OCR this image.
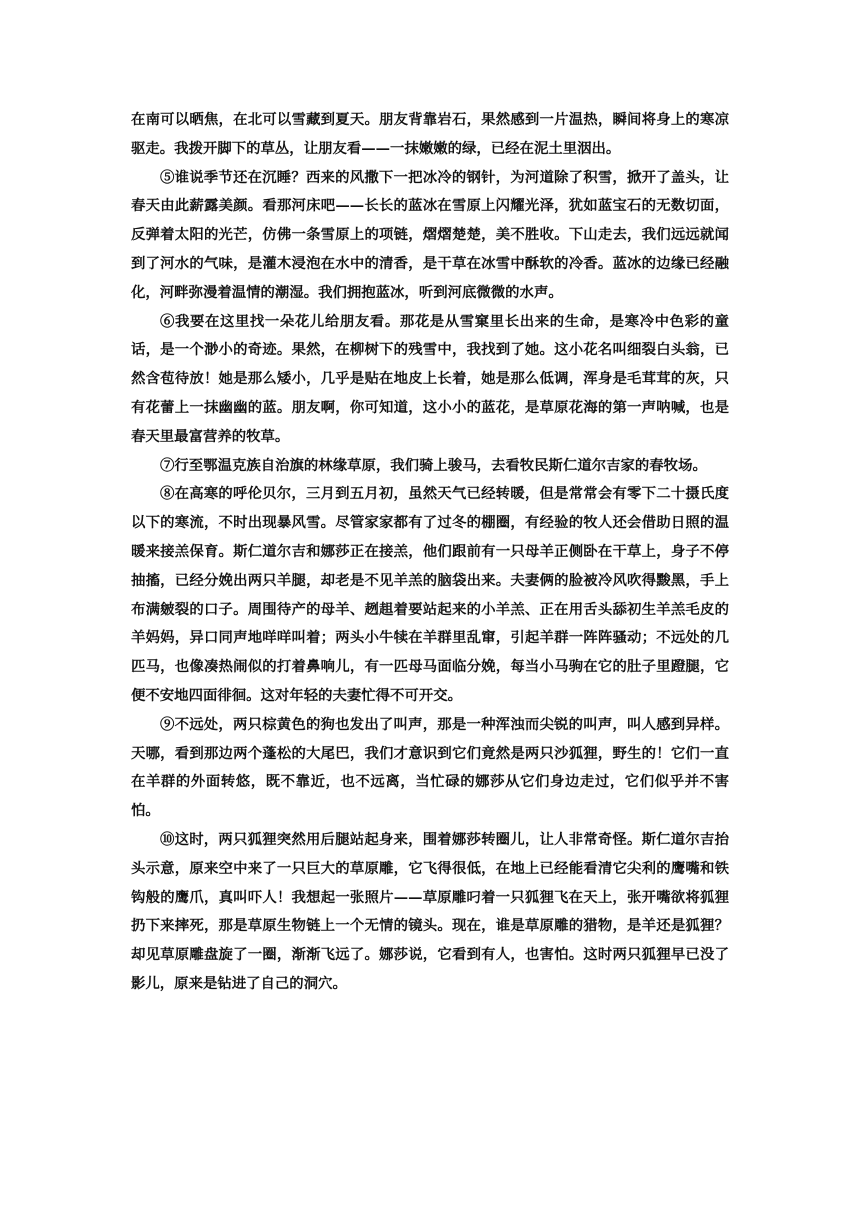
在南可以晒焦，在北可以雪藏到夏天。朋友背靠岩石，果然感到一片温热，瞬间将身上的寒凉驱走。我拨开脚下的草丛，让朋友看——一抹嫩嫩的绿，已经在泥土里洇出。

⑤谁说季节还在沉睡？西来的风撒下一把冰冷的钢针，为河道除了积雪，掀开了盖头，让春天由此薪露美颜。看那河床吧——长长的蓝冰在雪原上闪耀光泽，犹如蓝宝石的无数切面，反弹着太阳的光芒，仿佛一条雪原上的项链，熠熠楚楚，美不胜收。下山走去，我们远远就闻到了河水的气味，是灌木浸泡在水中的清香，是干草在冰雪中酥软的冷香。蓝冰的边缘已经融化，河畔弥漫着温情的潮湿。我们拥抱蓝冰，听到河底微微的水声。

⑥我要在这里找一朵花儿给朋友看。那花是从雪窠里长出来的生命，是寒冷中色彩的童话，是一个渺小的奇迹。果然，在柳树下的残雪中，我找到了她。这小花名叫细裂白头翁，已然含苞待放！她是那么矮小，几乎是贴在地皮上长着，她是那么低调，浑身是毛茸茸的灰，只有花蕾上一抹幽幽的蓝。朋友啊，你可知道，这小小的蓝花，是草原花海的第一声呐喊，也是春天里最富营养的牧草。

⑦行至鄂温克族自治旗的林缘草原，我们骑上骏马，去看牧民斯仁道尔吉家的春牧场。

⑧在高寒的呼伦贝尔，三月到五月初，虽然天气已经转暖，但是常常会有零下二十摄氏度以下的寒流，不时出现暴风雪。尽管家家都有了过冬的棚圈，有经验的牧人还会借助日照的温暖来接羔保育。斯仁道尔吉和娜莎正在接羔，他们跟前有一只母羊正侧卧在干草上，身子不停抽搐，已经分娩出两只羊腿，却老是不见羊羔的脑袋出来。夫妻俩的脸被冷风吹得黢黑，手上布满皴裂的口子。周围待产的母羊、趔趄着要站起来的小羊羔、正在用舌头舔初生羊羔毛皮的羊妈妈，异口同声地咩咩叫着；两头小牛犊在羊群里乱窜，引起羊群一阵阵骚动；不远处的几匹马，也像凑热闹似的打着鼻响儿，有一匹母马面临分娩，每当小马驹在它的肚子里蹬腿，它便不安地四面徘徊。这对年轻的夫妻忙得不可开交。

⑨不远处，两只棕黄色的狗也发出了叫声，那是一种浑浊而尖锐的叫声，叫人感到异样。天哪，看到那边两个蓬松的大尾巴，我们才意识到它们竟然是两只沙狐狸，野生的！它们一直在羊群的外面转悠，既不靠近，也不远离，当忙碌的娜莎从它们身边走过，它们似乎并不害怕。

⑩这时，两只狐狸突然用后腿站起身来，围着娜莎转圈儿，让人非常奇怪。斯仁道尔吉抬头示意，原来空中来了一只巨大的草原雕，它飞得很低，在地上已经能看清它尖利的鹰嘴和铁钩般的鹰爪，真叫吓人！我想起一张照片——草原雕叼着一只狐狸飞在天上，张开嘴欲将狐狸扔下来摔死，那是草原生物链上一个无情的镜头。现在，谁是草原雕的猎物，是羊还是狐狸？却见草原雕盘旋了一圈，渐渐飞远了。娜莎说，它看到有人，也害怕。这时两只狐狸早已没了影儿，原来是钻进了自己的洞穴。
